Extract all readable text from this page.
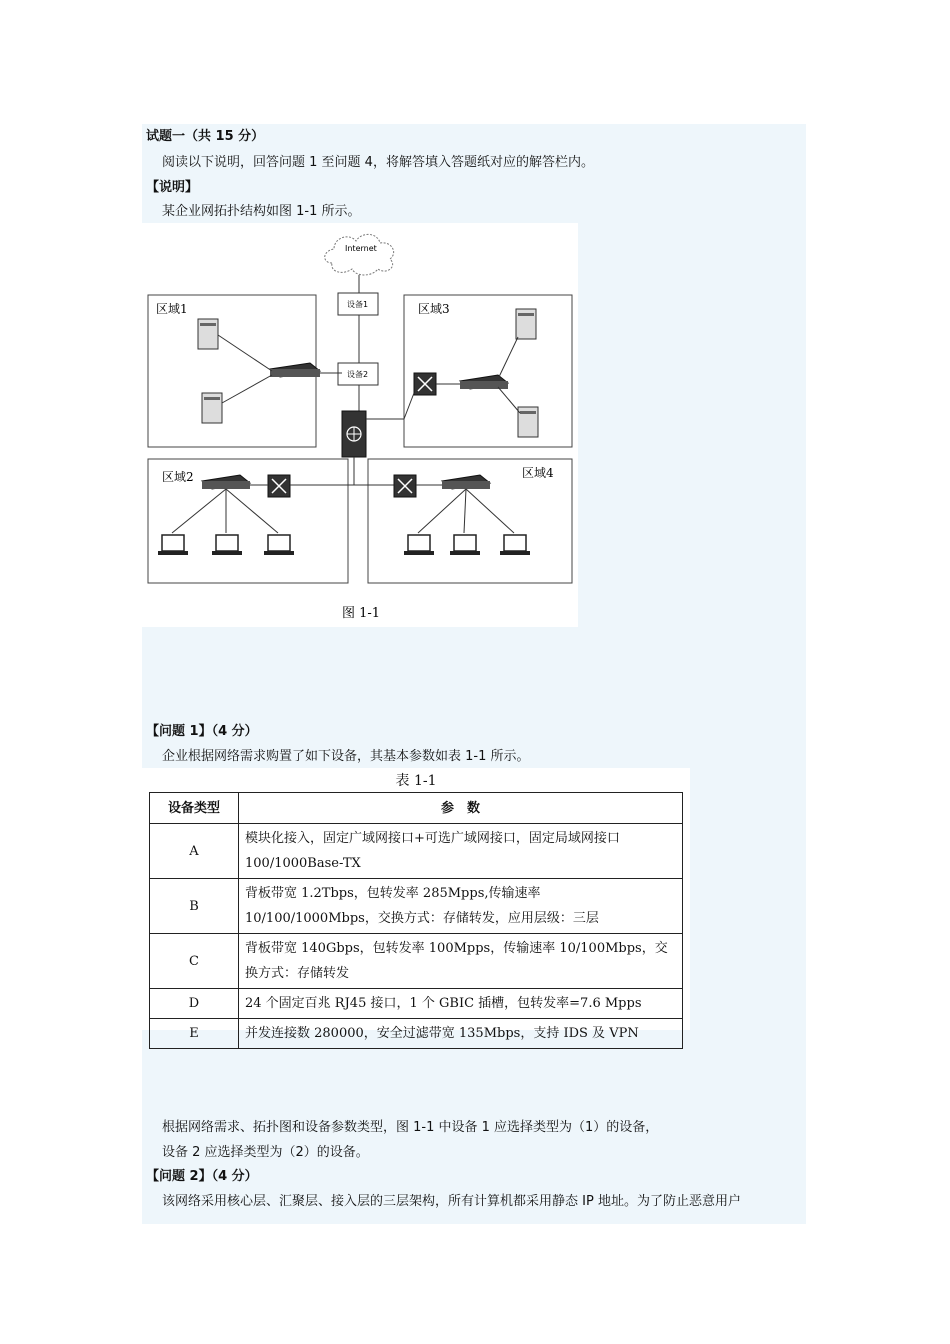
试题一（共 15 分）
阅读以下说明，回答问题 1 至问题 4，将解答填入答题纸对应的解答栏内。
【说明】
某企业网拓扑结构如图 1-1 所示。
Internet
设备1
设备2
区域1	区域3
区域2	区域4
图 1-1
【问题 1】（4 分）
企业根据网络需求购置了如下设备，其基本参数如表 1-1 所示。
表 1-1
设备类型	参　数
A	模块化接入，固定广域网接口+可选广域网接口，固定局域网接口 100/1000Base-TX
B	背板带宽 1.2Tbps，包转发率 285Mpps,传输速率 10/100/1000Mbps，交换方式：存储转发，应用层级：三层
C	背板带宽 140Gbps，包转发率 100Mpps，传输速率 10/100Mbps，交换方式：存储转发
D	24 个固定百兆 RJ45 接口，1 个 GBIC 插槽，包转发率=7.6 Mpps
E	并发连接数 280000，安全过滤带宽 135Mbps，支持 IDS 及 VPN
根据网络需求、拓扑图和设备参数类型，图 1-1 中设备 1 应选择类型为（1）的设备，
设备 2 应选择类型为（2）的设备。
【问题 2】（4 分）
该网络采用核心层、汇聚层、接入层的三层架构，所有计算机都采用静态 IP 地址。为了防止恶意用户
